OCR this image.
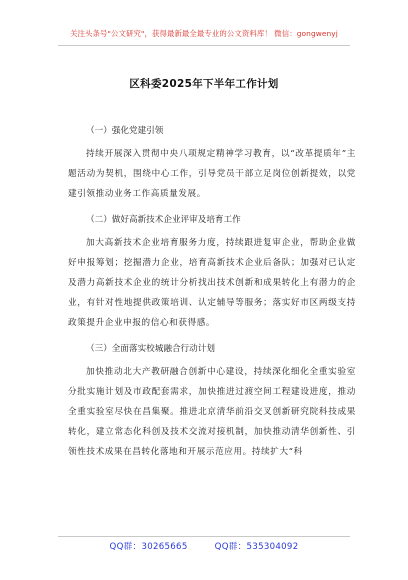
关注头条号"公文研究"，获得最新最全最专业的公文资料库！ 微信：gongwenyj
区科委2025年下半年工作计划
（一）强化党建引领

持续开展深入贯彻中央八项规定精神学习教育，以“改革提质年”主题活动为契机，围绕中心工作，引导党员干部立足岗位创新提效，以党建引领推动业务工作高质量发展。

（二）做好高新技术企业评审及培育工作

加大高新技术企业培育服务力度，持续跟进复审企业，帮助企业做好申报筹划；挖掘潜力企业，培育高新技术企业后备队；加强对已认定及潜力高新技术企业的统计分析找出技术创新和成果转化上有潜力的企业，有针对性地提供政策培训、认定辅导等服务；落实好市区两级支持政策提升企业申报的信心和获得感。

（三）全面落实校城融合行动计划

加快推动北大产教研融合创新中心建设，持续深化细化全重实验室分批实施计划及市政配套需求，加快推进过渡空间工程建设进度，推动全重实验室尽快在昌集聚。推进北京清华前沿交叉创新研究院科技成果转化，建立常态化科创及技术交流对接机制，加快推动清华创新性、引领性技术成果在昌转化落地和开展示范应用。持续扩大“科

QQ群：30265665	QQ群：535304092
